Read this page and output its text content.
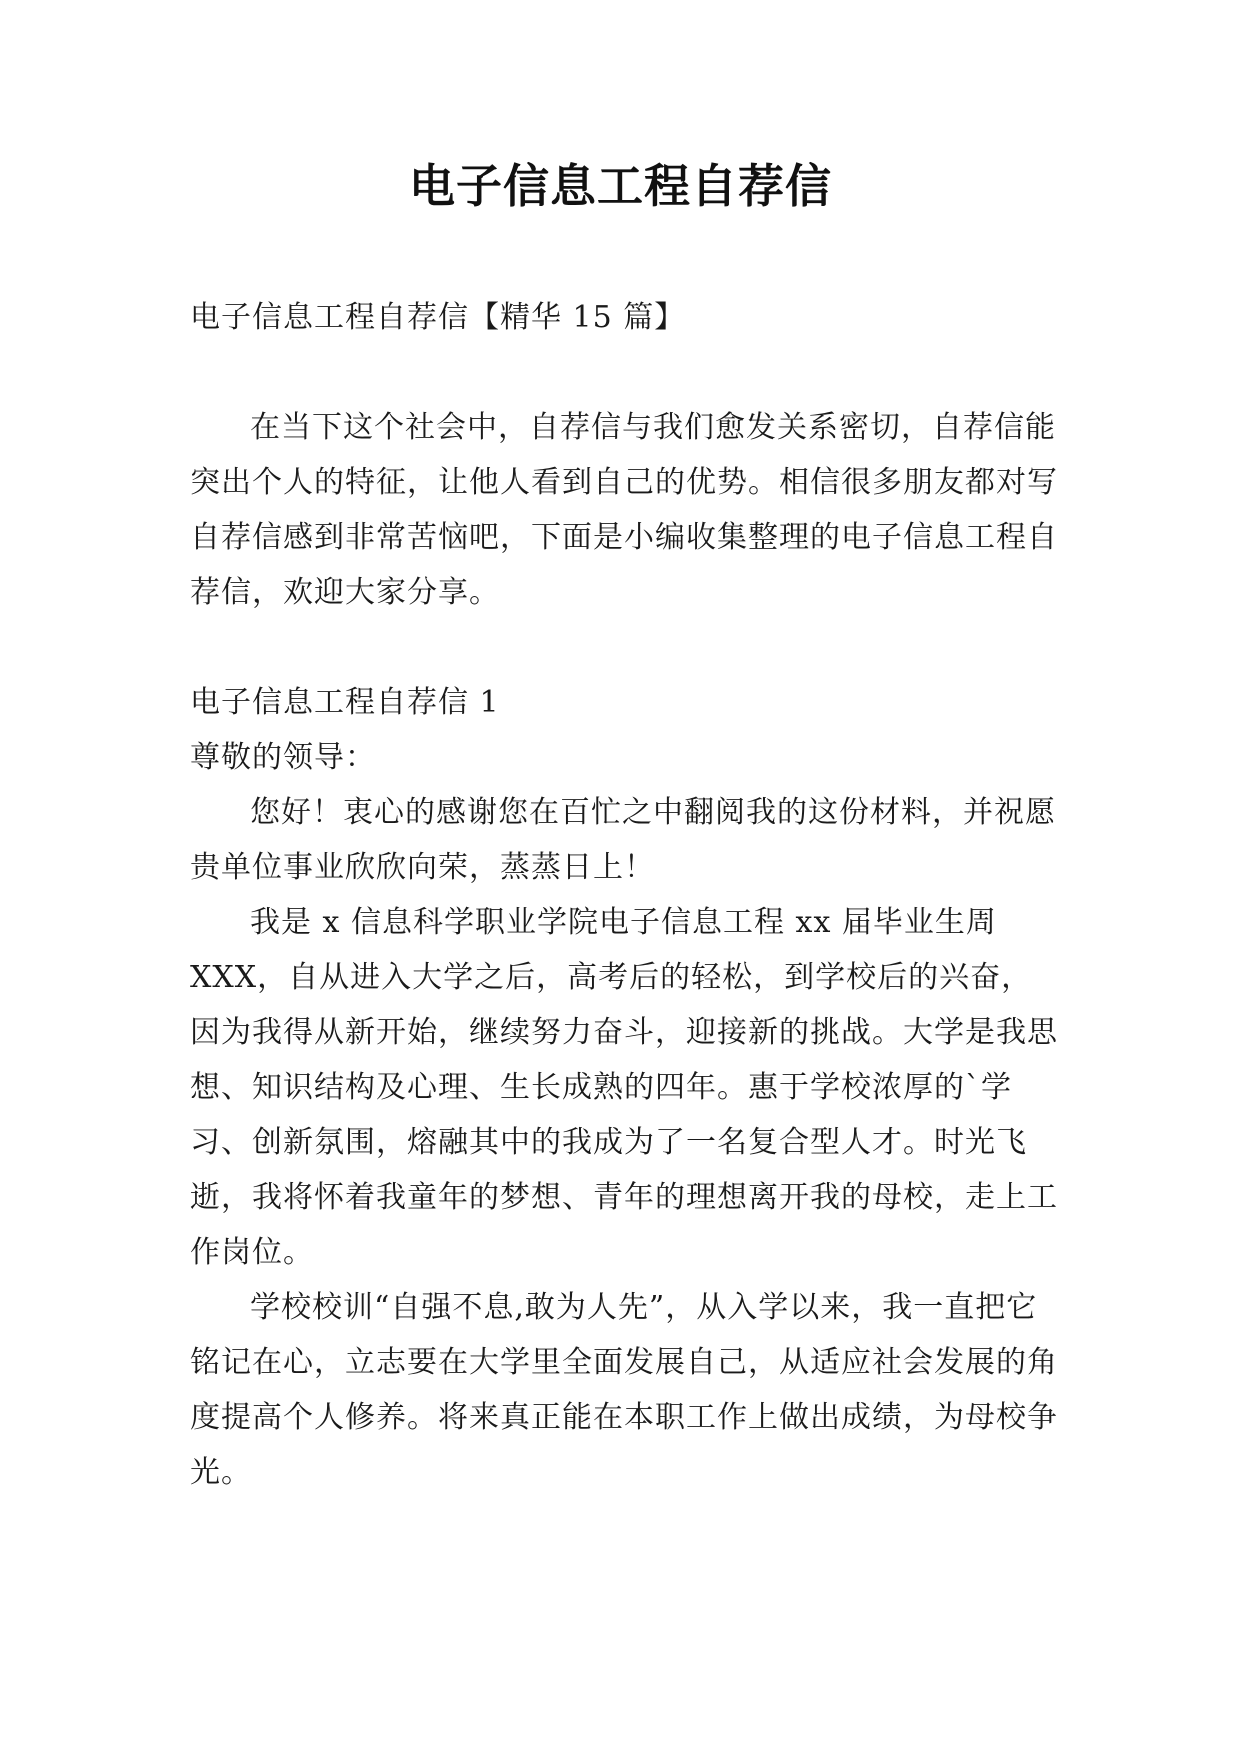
电子信息工程自荐信

电子信息工程自荐信【精华 15 篇】

在当下这个社会中，自荐信与我们愈发关系密切，自荐信能突出个人的特征，让他人看到自己的优势。相信很多朋友都对写自荐信感到非常苦恼吧，下面是小编收集整理的电子信息工程自荐信，欢迎大家分享。

电子信息工程自荐信 1

尊敬的领导：

您好！衷心的感谢您在百忙之中翻阅我的这份材料，并祝愿贵单位事业欣欣向荣，蒸蒸日上！

我是 x 信息科学职业学院电子信息工程 xx 届毕业生周XXX，自从进入大学之后，高考后的轻松，到学校后的兴奋，因为我得从新开始，继续努力奋斗，迎接新的挑战。大学是我思想、知识结构及心理、生长成熟的四年。惠于学校浓厚的`学习、创新氛围，熔融其中的我成为了一名复合型人才。时光飞逝，我将怀着我童年的梦想、青年的理想离开我的母校，走上工作岗位。

学校校训“自强不息,敢为人先”，从入学以来，我一直把它铭记在心，立志要在大学里全面发展自己，从适应社会发展的角度提高个人修养。将来真正能在本职工作上做出成绩，为母校争光。
